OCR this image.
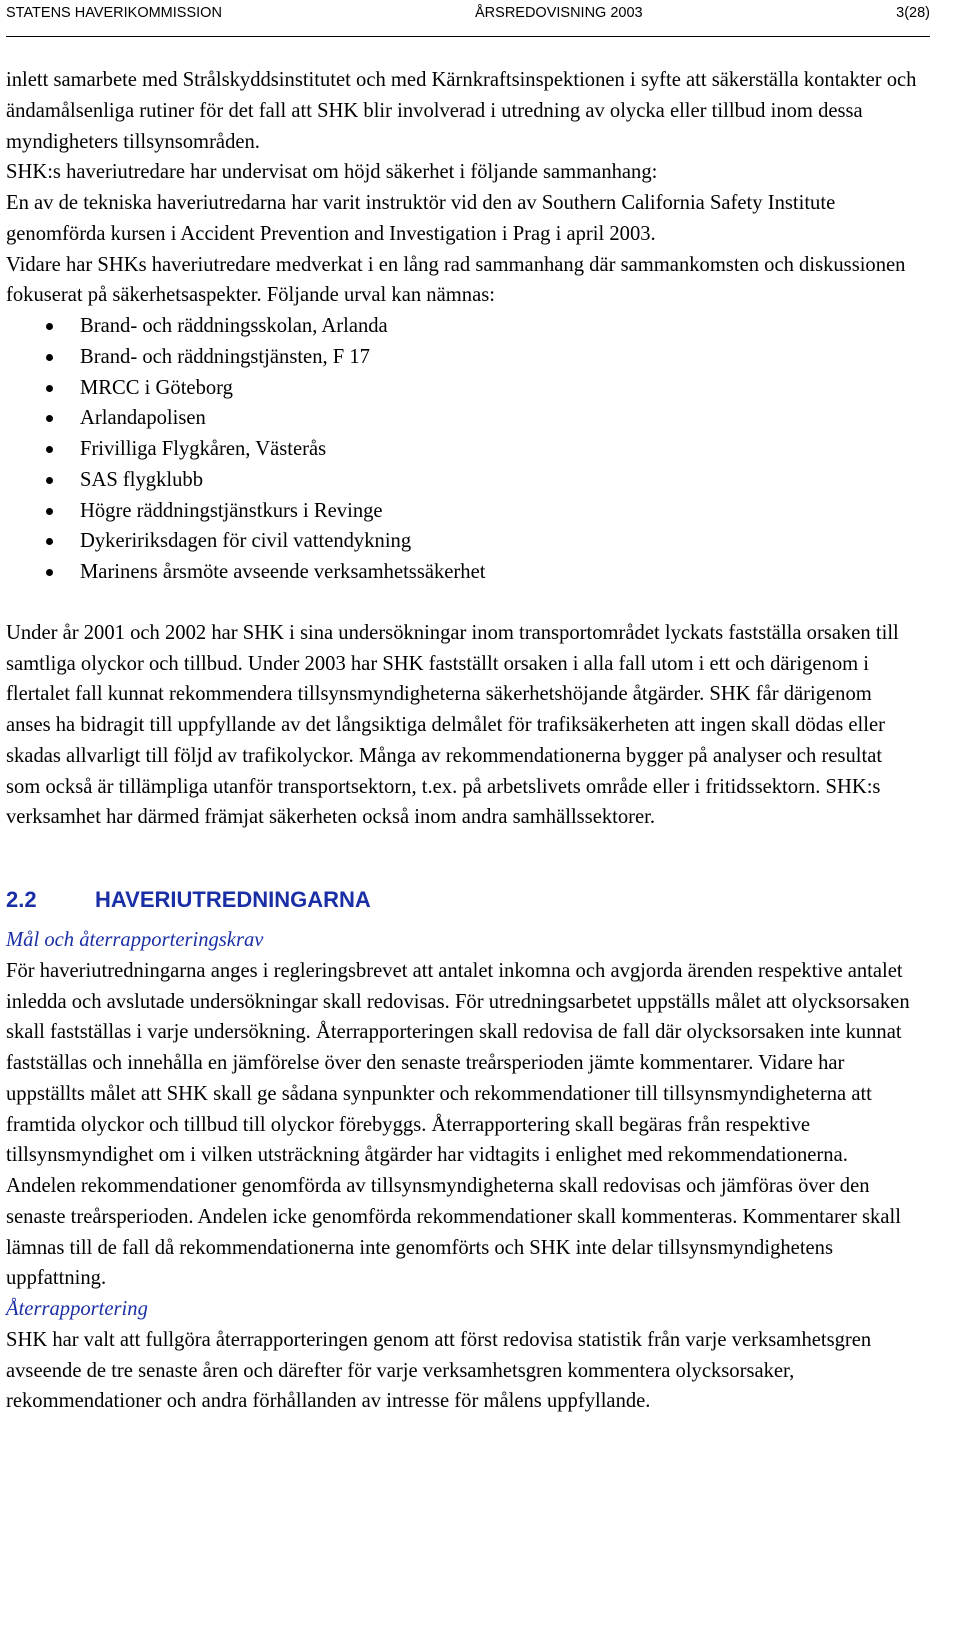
STATENS HAVERIKOMMISSION	ÅRSREDOVISNING 2003	3(28)

inlett samarbete med Strålskyddsinstitutet och med Kärnkraftsinspektionen i syfte att säkerställa kontakter och ändamålsenliga rutiner för det fall att SHK blir involverad i utredning av olycka eller tillbud inom dessa myndigheters tillsynsområden.

SHK:s haveriutredare har undervisat om höjd säkerhet i följande sammanhang:

En av de tekniska haveriutredarna har varit instruktör vid den av Southern California Safety Institute genomförda kursen i Accident Prevention and Investigation i Prag i april 2003.

Vidare har SHKs haveriutredare medverkat i en lång rad sammanhang där sammankomsten och diskussionen fokuserat på säkerhetsaspekter. Följande urval kan nämnas:

Brand- och räddningsskolan, Arlanda
Brand- och räddningstjänsten, F 17
MRCC i Göteborg
Arlandapolisen
Frivilliga Flygkåren, Västerås
SAS flygklubb
Högre räddningstjänstkurs i Revinge
Dykeririksdagen för civil vattendykning
Marinens årsmöte avseende verksamhetssäkerhet

Under år 2001 och 2002 har SHK i sina undersökningar inom transportområdet lyckats fastställa orsaken till samtliga olyckor och tillbud. Under 2003 har SHK fastställt orsaken i alla fall utom i ett och därigenom i flertalet fall kunnat rekommendera tillsynsmyndigheterna säkerhetshöjande åtgärder. SHK får därigenom anses ha bidragit till uppfyllande av det långsiktiga delmålet för trafiksäkerheten att ingen skall dödas eller skadas allvarligt till följd av trafikolyckor. Många av rekommendationerna bygger på analyser och resultat som också är tillämpliga utanför transportsektorn, t.ex. på arbetslivets område eller i fritidssektorn. SHK:s verksamhet har därmed främjat säkerheten också inom andra samhällssektorer.

2.2	HAVERIUTREDNINGARNA

Mål och återrapporteringskrav

För haveriutredningarna anges i regleringsbrevet att antalet inkomna och avgjorda ärenden respektive antalet inledda och avslutade undersökningar skall redovisas. För utredningsarbetet uppställs målet att olycksorsaken skall fastställas i varje undersökning. Återrapporteringen skall redovisa de fall där olycksorsaken inte kunnat fastställas och innehålla en jämförelse över den senaste treårsperioden jämte kommentarer. Vidare har uppställts målet att SHK skall ge sådana synpunkter och rekommendationer till tillsynsmyndigheterna att framtida olyckor och tillbud till olyckor förebyggs. Återrapportering skall begäras från respektive tillsynsmyndighet om i vilken utsträckning åtgärder har vidtagits i enlighet med rekommendationerna. Andelen rekommendationer genomförda av tillsynsmyndigheterna skall redovisas och jämföras över den senaste treårsperioden. Andelen icke genomförda rekommendationer skall kommenteras. Kommentarer skall lämnas till de fall då rekommendationerna inte genomförts och SHK inte delar tillsynsmyndighetens uppfattning.

Återrapportering

SHK har valt att fullgöra återrapporteringen genom att först redovisa statistik från varje verksamhetsgren avseende de tre senaste åren och därefter för varje verksamhetsgren kommentera olycksorsaker, rekommendationer och andra förhållanden av intresse för målens uppfyllande.
